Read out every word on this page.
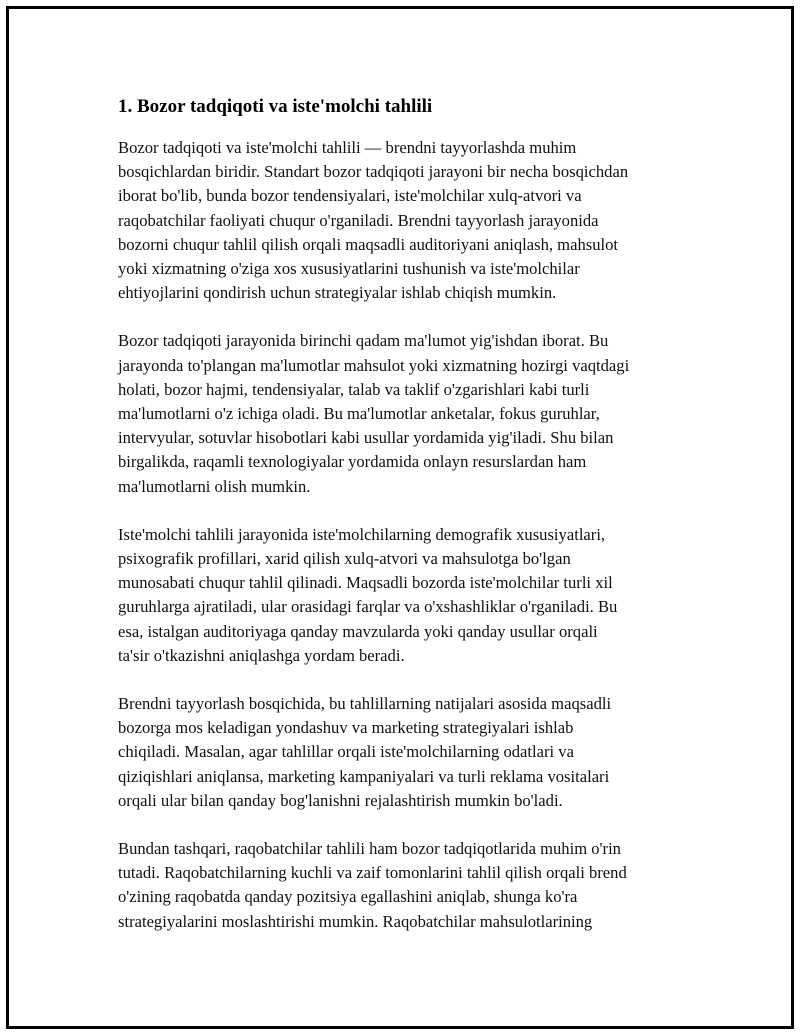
1. Bozor tadqiqoti va iste'molchi tahlili

Bozor tadqiqoti va iste'molchi tahlili — brendni tayyorlashda muhim
bosqichlardan biridir. Standart bozor tadqiqoti jarayoni bir necha bosqichdan
iborat bo'lib, bunda bozor tendensiyalari, iste'molchilar xulq-atvori va
raqobatchilar faoliyati chuqur o'rganiladi. Brendni tayyorlash jarayonida
bozorni chuqur tahlil qilish orqali maqsadli auditoriyani aniqlash, mahsulot
yoki xizmatning o'ziga xos xususiyatlarini tushunish va iste'molchilar
ehtiyojlarini qondirish uchun strategiyalar ishlab chiqish mumkin.

Bozor tadqiqoti jarayonida birinchi qadam ma'lumot yig'ishdan iborat. Bu
jarayonda to'plangan ma'lumotlar mahsulot yoki xizmatning hozirgi vaqtdagi
holati, bozor hajmi, tendensiyalar, talab va taklif o'zgarishlari kabi turli
ma'lumotlarni o'z ichiga oladi. Bu ma'lumotlar anketalar, fokus guruhlar,
intervyular, sotuvlar hisobotlari kabi usullar yordamida yig'iladi. Shu bilan
birgalikda, raqamli texnologiyalar yordamida onlayn resurslardan ham
ma'lumotlarni olish mumkin.

Iste'molchi tahlili jarayonida iste'molchilarning demografik xususiyatlari,
psixografik profillari, xarid qilish xulq-atvori va mahsulotga bo'lgan
munosabati chuqur tahlil qilinadi. Maqsadli bozorda iste'molchilar turli xil
guruhlarga ajratiladi, ular orasidagi farqlar va o'xshashliklar o'rganiladi. Bu
esa, istalgan auditoriyaga qanday mavzularda yoki qanday usullar orqali
ta'sir o'tkazishni aniqlashga yordam beradi.

Brendni tayyorlash bosqichida, bu tahlillarning natijalari asosida maqsadli
bozorga mos keladigan yondashuv va marketing strategiyalari ishlab
chiqiladi. Masalan, agar tahlillar orqali iste'molchilarning odatlari va
qiziqishlari aniqlansa, marketing kampaniyalari va turli reklama vositalari
orqali ular bilan qanday bog'lanishni rejalashtirish mumkin bo'ladi.

Bundan tashqari, raqobatchilar tahlili ham bozor tadqiqotlarida muhim o'rin
tutadi. Raqobatchilarning kuchli va zaif tomonlarini tahlil qilish orqali brend
o'zining raqobatda qanday pozitsiya egallashini aniqlab, shunga ko'ra
strategiyalarini moslashtirishi mumkin. Raqobatchilar mahsulotlarining
